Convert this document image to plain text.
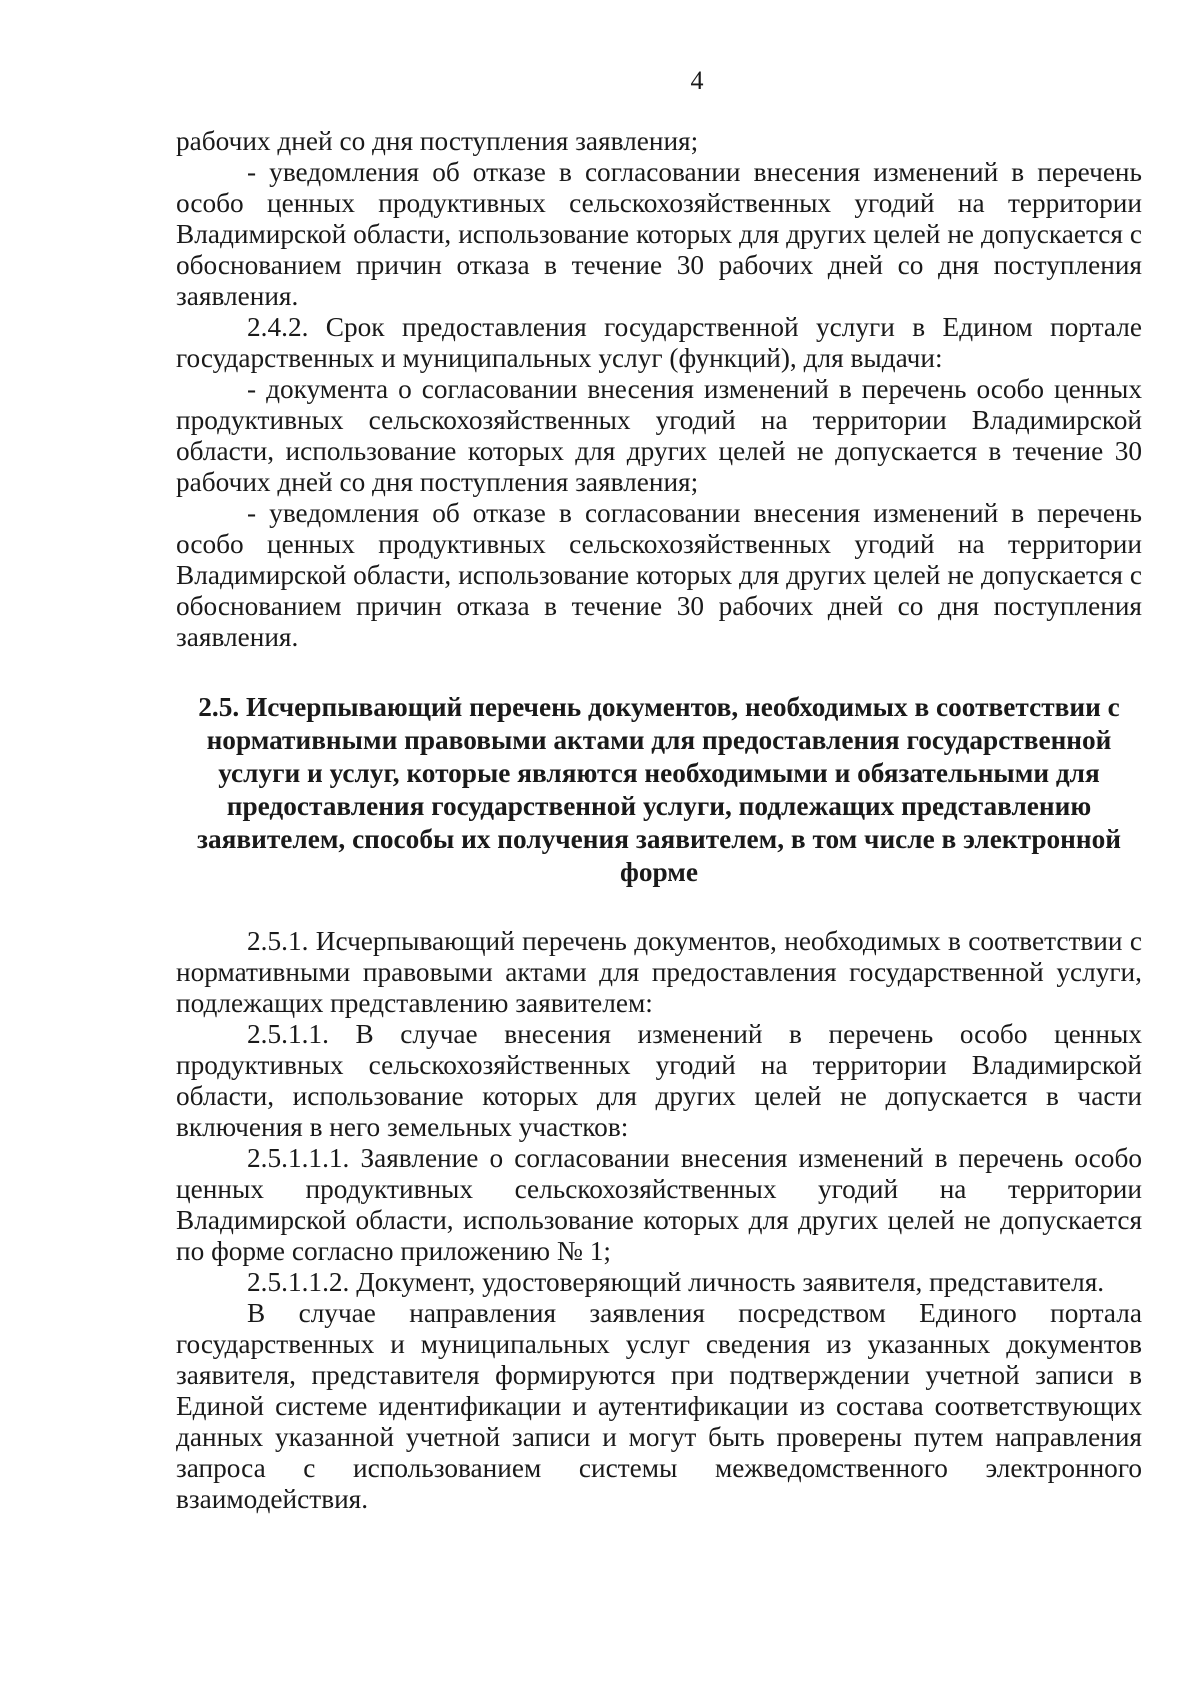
4

рабочих дней со дня поступления заявления;

- уведомления об отказе в согласовании внесения изменений в перечень особо ценных продуктивных сельскохозяйственных угодий на территории Владимирской области, использование которых для других целей не допускается с обоснованием причин отказа в течение 30 рабочих дней со дня поступления заявления.

2.4.2. Срок предоставления государственной услуги в Едином портале государственных и муниципальных услуг (функций), для выдачи:

- документа о согласовании внесения изменений в перечень особо ценных продуктивных сельскохозяйственных угодий на территории Владимирской области, использование которых для других целей не допускается в течение 30 рабочих дней со дня поступления заявления;

- уведомления об отказе в согласовании внесения изменений в перечень особо ценных продуктивных сельскохозяйственных угодий на территории Владимирской области, использование которых для других целей не допускается с обоснованием причин отказа в течение 30 рабочих дней со дня поступления заявления.

2.5. Исчерпывающий перечень документов, необходимых в соответствии с нормативными правовыми актами для предоставления государственной услуги и услуг, которые являются необходимыми и обязательными для предоставления государственной услуги, подлежащих представлению заявителем, способы их получения заявителем, в том числе в электронной форме

2.5.1. Исчерпывающий перечень документов, необходимых в соответствии с нормативными правовыми актами для предоставления государственной услуги, подлежащих представлению заявителем:

2.5.1.1. В случае внесения изменений в перечень особо ценных продуктивных сельскохозяйственных угодий на территории Владимирской области, использование которых для других целей не допускается в части включения в него земельных участков:

2.5.1.1.1. Заявление о согласовании внесения изменений в перечень особо ценных продуктивных сельскохозяйственных угодий на территории Владимирской области, использование которых для других целей не допускается по форме согласно приложению № 1;

2.5.1.1.2. Документ, удостоверяющий личность заявителя, представителя.

В случае направления заявления посредством Единого портала государственных и муниципальных услуг сведения из указанных документов заявителя, представителя формируются при подтверждении учетной записи в Единой системе идентификации и аутентификации из состава соответствующих данных указанной учетной записи и могут быть проверены путем направления запроса с использованием системы межведомственного электронного взаимодействия.
